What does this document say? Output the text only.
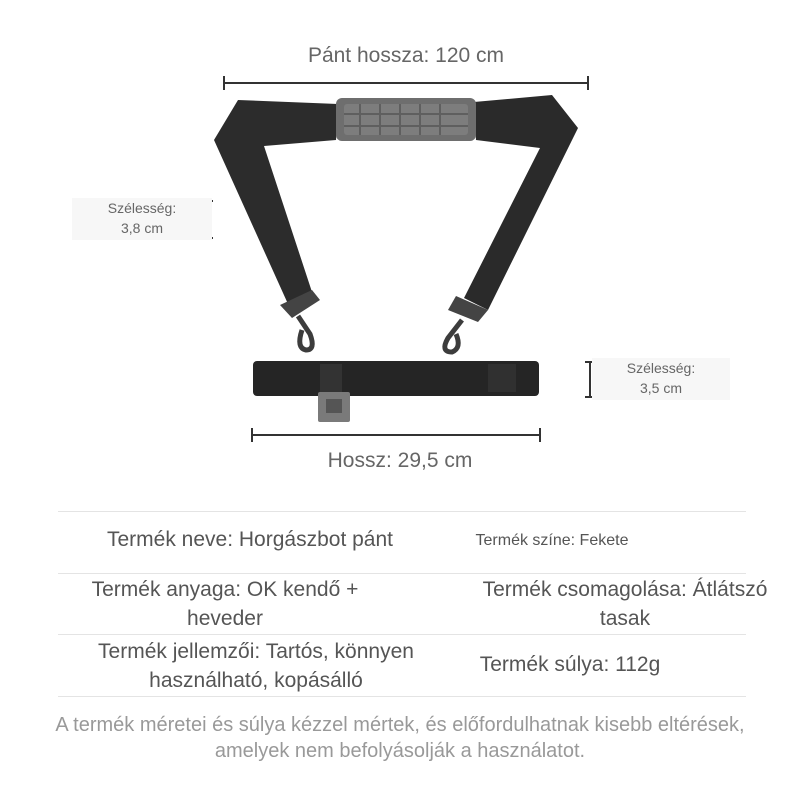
Pánt hossza: 120 cm
Szélesség:
3,8 cm
Szélesség:
3,5 cm
Hossz: 29,5 cm
Termék neve: Horgászbot pánt	Termék színe: Fekete
Termék anyaga: OK kendő + heveder
Termék csomagolása: Átlátszó tasak
Termék jellemzői: Tartós, könnyen használható, kopásálló
Termék súlya: 112g
A termék méretei és súlya kézzel mértek, és előfordulhatnak kisebb eltérések, amelyek nem befolyásolják a használatot.
